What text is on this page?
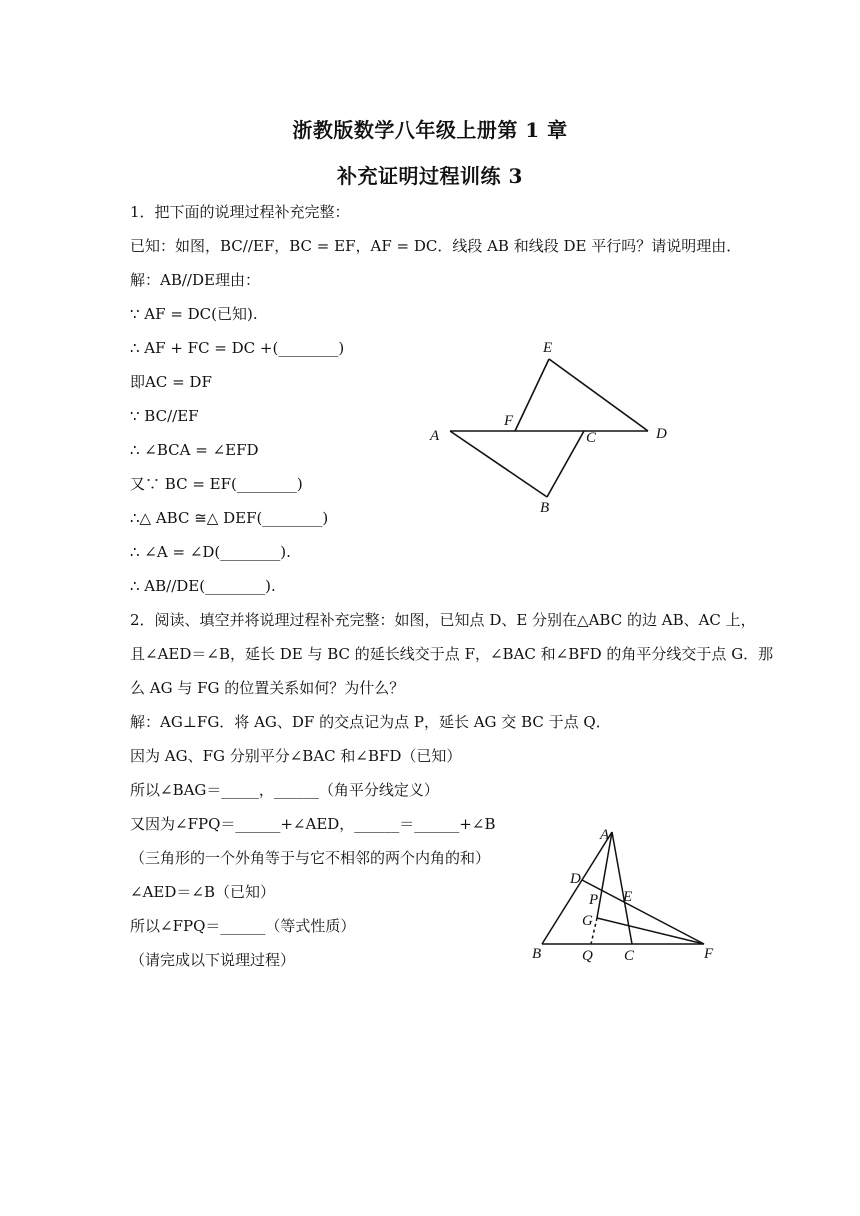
浙教版数学八年级上册第 1 章
补充证明过程训练 3
1．把下面的说理过程补充完整：
已知：如图，BC//EF，BC = EF，AF = DC．线段 AB 和线段 DE 平行吗？请说明理由．
解：AB//DE理由：
∵ AF = DC(已知).
∴ AF + FC = DC +(________)
即AC = DF
∵ BC//EF
∴ ∠BCA = ∠EFD
又∵ BC = EF(________)
∴△ ABC ≅△ DEF(________)
∴ ∠A = ∠D(________).
∴ AB//DE(________).
E
F
A	C	D
B
2．阅读、填空并将说理过程补充完整：如图，已知点 D、E 分别在△ABC 的边 AB、AC 上，
且∠AED＝∠B，延长 DE 与 BC 的延长线交于点 F，∠BAC 和∠BFD 的角平分线交于点 G．那
么 AG 与 FG 的位置关系如何？为什么？
解：AG⊥FG．将 AG、DF 的交点记为点 P，延长 AG 交 BC 于点 Q．
因为 AG、FG 分别平分∠BAC 和∠BFD（已知）
所以∠BAG＝_____，______（角平分线定义）
又因为∠FPQ＝______+∠AED，______＝______+∠B
（三角形的一个外角等于与它不相邻的两个内角的和）
∠AED＝∠B（已知）
所以∠FPQ＝______（等式性质）
（请完成以下说理过程）
A
D
P E
G
B	Q C	F
